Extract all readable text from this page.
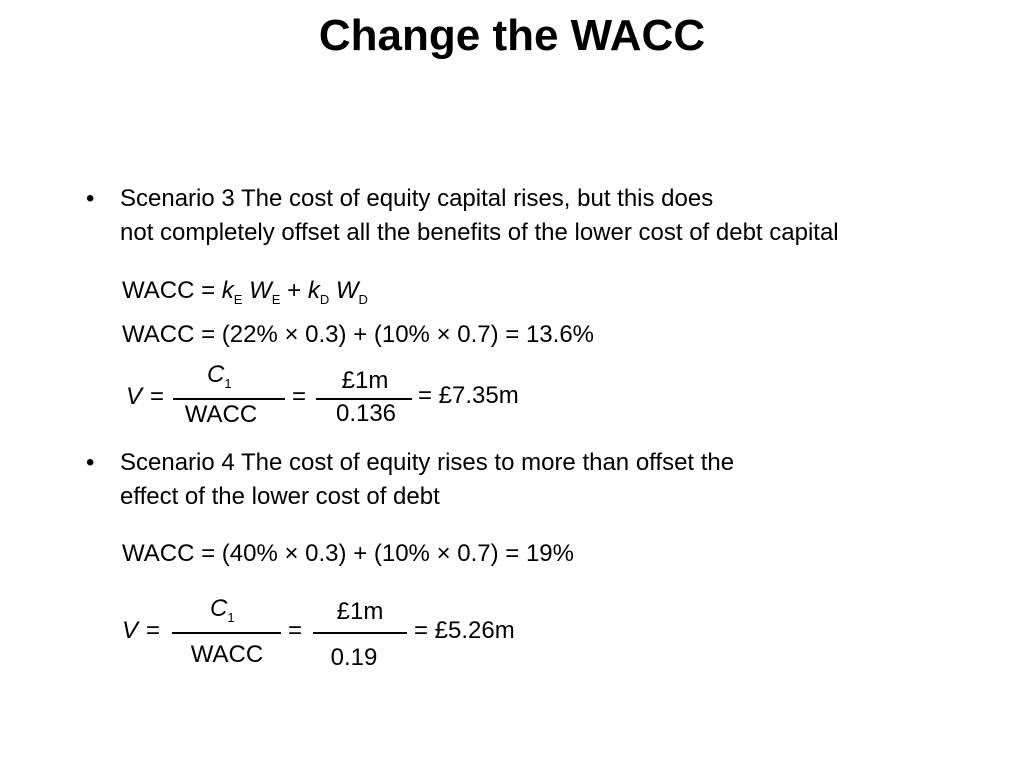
Change the WACC
• Scenario 3 The cost of equity capital rises, but this does
not completely offset all the benefits of the lower cost of debt capital
WACC = $k_E$ $W_E + k_D$ $W_D$
WACC = (22% × 0.3) + (10% × 0.7) = 13.6%
V =
$C_1$
WACC
=
£1m
0.136
= £7.35m
• Scenario 4 The cost of equity rises to more than offset the
effect of the lower cost of debt
WACC = (40% × 0.3) + (10% × 0.7) = 19%
V =
$C_1$
WACC
=
£1m
0.19
= £5.26m
